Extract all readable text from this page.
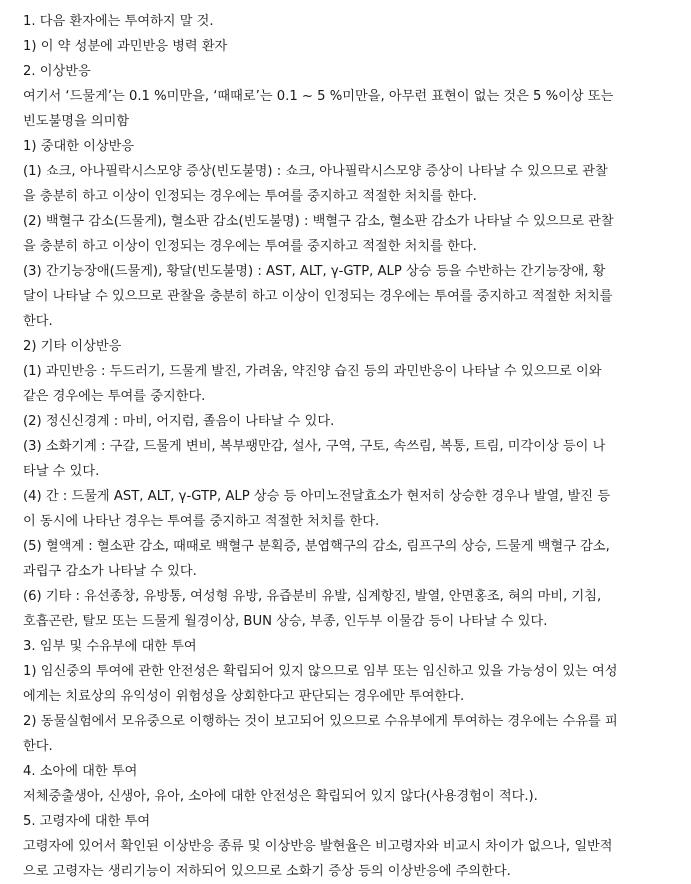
1. 다음 환자에는 투여하지 말 것.
1) 이 약 성분에 과민반응 병력 환자
2. 이상반응
여기서 ‘드물게’는 0.1 %미만을, ‘때때로’는 0.1 ~ 5 %미만을, 아무런 표현이 없는 것은 5 %이상 또는
빈도불명을 의미함
1) 중대한 이상반응
(1) 쇼크, 아나필락시스모양 증상(빈도불명) : 쇼크, 아나필락시스모양 증상이 나타날 수 있으므로 관찰
을 충분히 하고 이상이 인정되는 경우에는 투여를 중지하고 적절한 처치를 한다.
(2) 백혈구 감소(드물게), 혈소판 감소(빈도불명) : 백혈구 감소, 혈소판 감소가 나타날 수 있으므로 관찰
을 충분히 하고 이상이 인정되는 경우에는 투여를 중지하고 적절한 처치를 한다.
(3) 간기능장애(드물게), 황달(빈도불명) : AST, ALT, γ-GTP, ALP 상승 등을 수반하는 간기능장애, 황
달이 나타날 수 있으므로 관찰을 충분히 하고 이상이 인정되는 경우에는 투여를 중지하고 적절한 처치를
한다.
2) 기타 이상반응
(1) 과민반응 : 두드러기, 드물게 발진, 가려움, 약진양 습진 등의 과민반응이 나타날 수 있으므로 이와
같은 경우에는 투여를 중지한다.
(2) 정신신경계 : 마비, 어지럼, 졸음이 나타날 수 있다.
(3) 소화기계 : 구갈, 드물게 변비, 복부팽만감, 설사, 구역, 구토, 속쓰림, 복통, 트림, 미각이상 등이 나
타날 수 있다.
(4) 간 : 드물게 AST, ALT, γ-GTP, ALP 상승 등 아미노전달효소가 현저히 상승한 경우나 발열, 발진 등
이 동시에 나타난 경우는 투여를 중지하고 적절한 처치를 한다.
(5) 혈액계 : 혈소판 감소, 때때로 백혈구 분획증, 분엽핵구의 감소, 림프구의 상승, 드물게 백혈구 감소,
과립구 감소가 나타날 수 있다.
(6) 기타 : 유선종창, 유방통, 여성형 유방, 유즙분비 유발, 심계항진, 발열, 안면홍조, 혀의 마비, 기침,
호흡곤란, 탈모 또는 드물게 월경이상, BUN 상승, 부종, 인두부 이물감 등이 나타날 수 있다.
3. 임부 및 수유부에 대한 투여
1) 임신중의 투여에 관한 안전성은 확립되어 있지 않으므로 임부 또는 임신하고 있을 가능성이 있는 여성
에게는 치료상의 유익성이 위험성을 상회한다고 판단되는 경우에만 투여한다.
2) 동물실험에서 모유중으로 이행하는 것이 보고되어 있으므로 수유부에게 투여하는 경우에는 수유를 피
한다.
4. 소아에 대한 투여
저체중출생아, 신생아, 유아, 소아에 대한 안전성은 확립되어 있지 않다(사용경험이 적다.).
5. 고령자에 대한 투여
고령자에 있어서 확인된 이상반응 종류 및 이상반응 발현율은 비고령자와 비교시 차이가 없으나, 일반적
으로 고령자는 생리기능이 저하되어 있으므로 소화기 증상 등의 이상반응에 주의한다.
